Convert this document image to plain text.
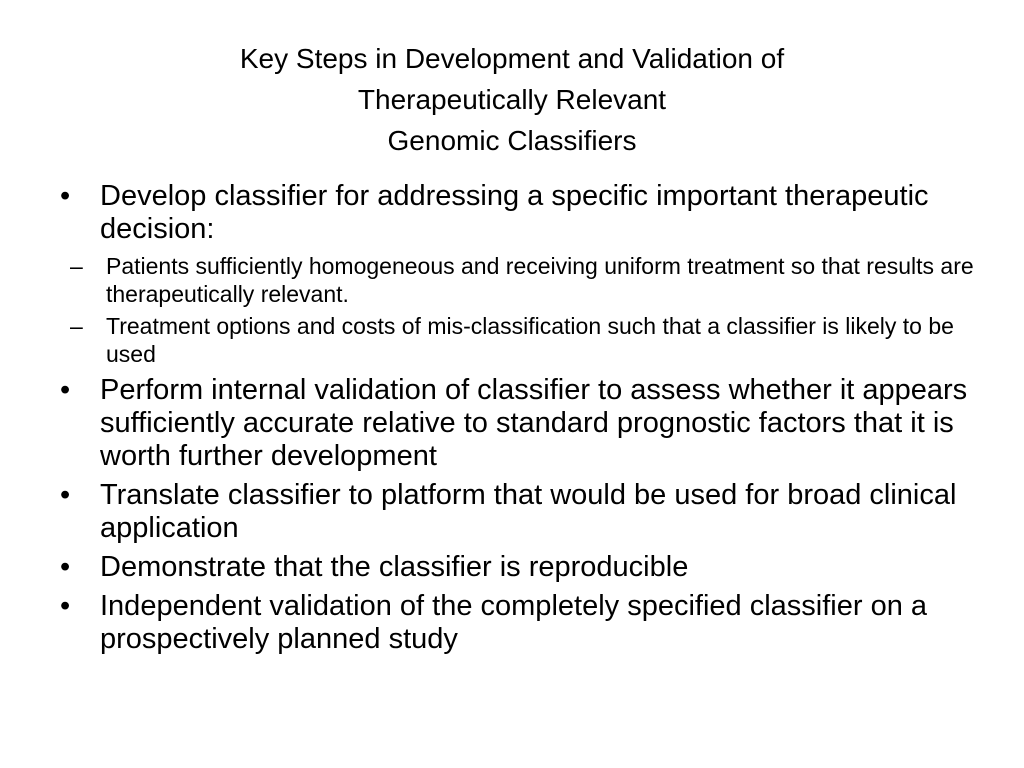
Key Steps in Development and Validation of
Therapeutically Relevant
Genomic Classifiers
•	Develop classifier for addressing a specific important therapeutic decision:
– Patients sufficiently homogeneous and receiving uniform treatment so that results are therapeutically relevant.
– Treatment options and costs of mis-classification such that a classifier is likely to be used
•	Perform internal validation of classifier to assess whether it appears sufficiently accurate relative to standard prognostic factors that it is worth further development
•	Translate classifier to platform that would be used for broad clinical application
•	Demonstrate that the classifier is reproducible
•	Independent validation of the completely specified classifier on a prospectively planned study
